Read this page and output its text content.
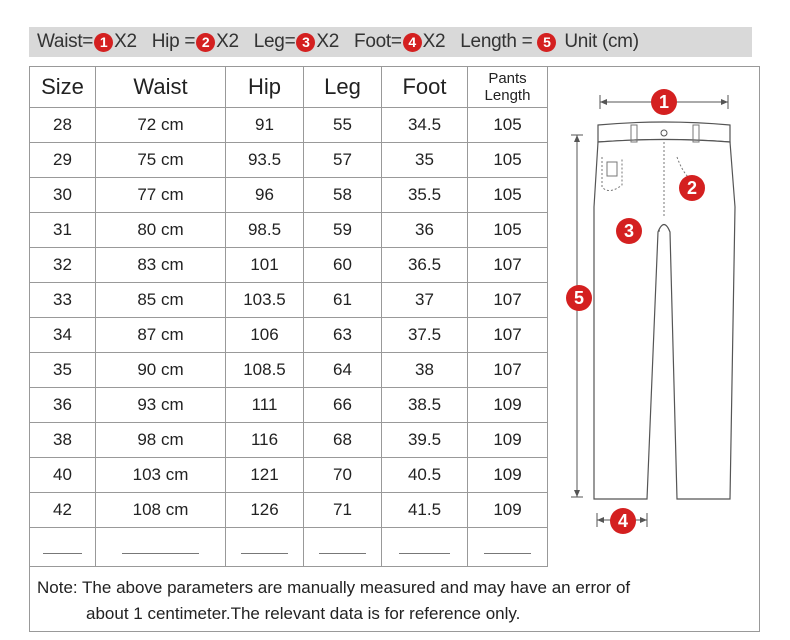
Waist= 1 X2 Hip = 2 X2 Leg= 3 X2 Foot= 4 X2 Length = 5 Unit (cm)
Size	Waist	Hip	Leg	Foot	Pants
Length

28	72 cm	91	55	34.5	105
29	75 cm	93.5	57	35	105
30	77 cm	96	58	35.5	105
31	80 cm	98.5	59	36	105
32	83 cm	101	60	36.5	107
33	85 cm	103.5	61	37	107
34	87 cm	106	63	37.5	107
35	90 cm	108.5	64	38	107
36	93 cm	111	66	38.5	109
38	98 cm	116	68	39.5	109
40	103 cm	121	70	40.5	109
42	108 cm	126	71	41.5	109

1
2
3
4
5
Note: The above parameters are manually measured and may have an error of
about 1 centimeter.The relevant data is for reference only.
